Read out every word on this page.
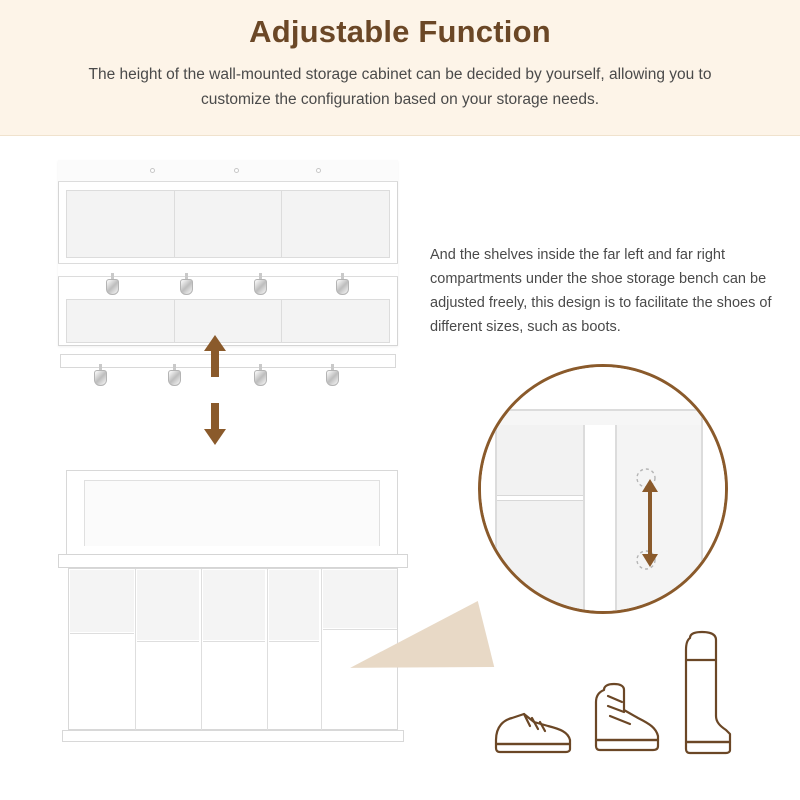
Adjustable Function
The height of the wall-mounted storage cabinet can be decided by yourself, allowing you to customize the configuration based on your storage needs.
And the shelves inside the far left and far right compartments under the shoe storage bench can be adjusted freely, this design is to facilitate the shoes of different sizes, such as boots.
